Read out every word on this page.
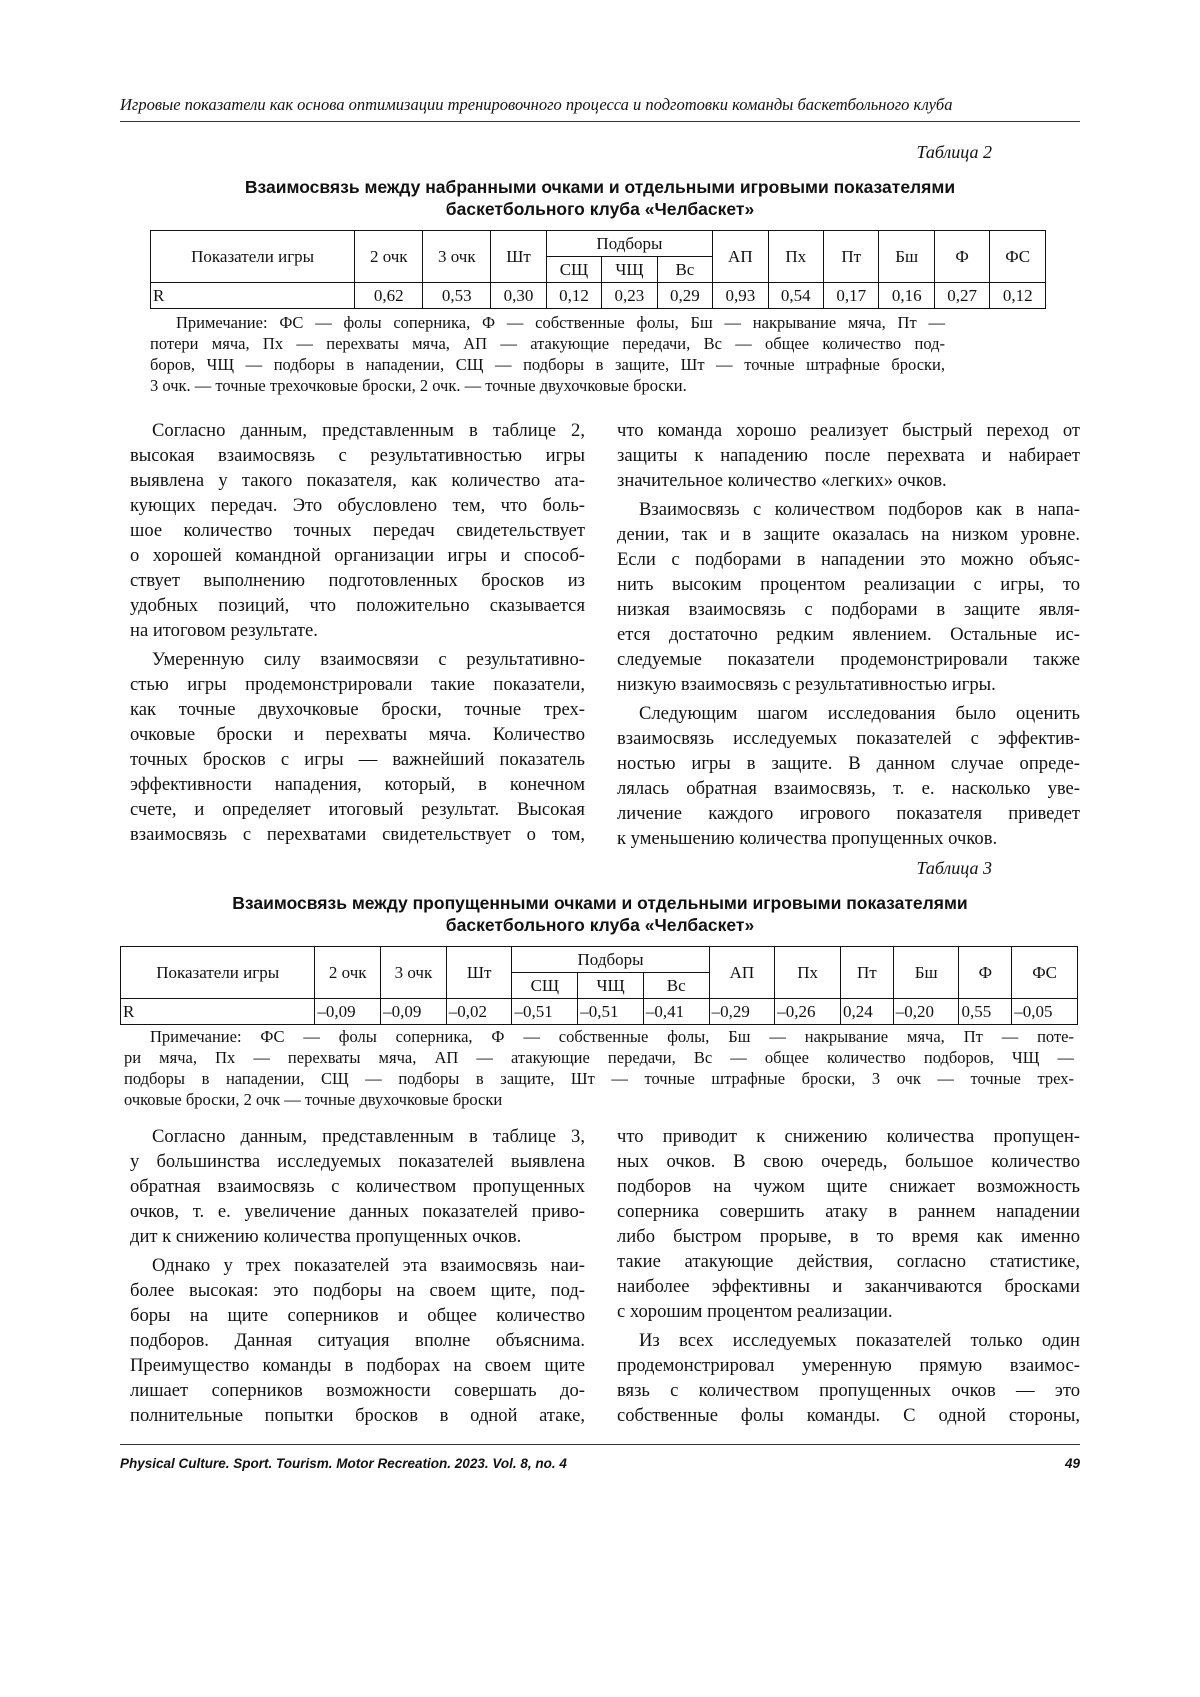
Игровые показатели как основа оптимизации тренировочного процесса и подготовки команды баскетбольного клуба
Таблица 2
Взаимосвязь между набранными очками и отдельными игровыми показателями
баскетбольного клуба «Челбаскет»
Показатели игры	2 очк	3 очк	Шт	Подборы	АП	Пх	Пт	Бш	Ф	ФС
СЩ	ЧЩ	Вс
R	0,62	0,53	0,30	0,12	0,23	0,29	0,93	0,54	0,17	0,16	0,27	0,12
Примечание: ФС — фолы соперника, Ф — собственные фолы, Бш — накрывание мяча, Пт —
потери мяча, Пх — перехваты мяча, АП — атакующие передачи, Вс — общее количество под-
боров, ЧЩ — подборы в нападении, СЩ — подборы в защите, Шт — точные штрафные броски,
3 очк. — точные трехочковые броски, 2 очк. — точные двухочковые броски.
Согласно данным, представленным в таблице 2,
высокая взаимосвязь с результативностью игры
выявлена у такого показателя, как количество ата-
кующих передач. Это обусловлено тем, что боль-
шое количество точных передач свидетельствует
о хорошей командной организации игры и способ-
ствует выполнению подготовленных бросков из
удобных позиций, что положительно сказывается
на итоговом результате.
Умеренную силу взаимосвязи с результативно-
стью игры продемонстрировали такие показатели,
как точные двухочковые броски, точные трех-
очковые броски и перехваты мяча. Количество
точных бросков с игры — важнейший показатель
эффективности нападения, который, в конечном
счете, и определяет итоговый результат. Высокая
взаимосвязь с перехватами свидетельствует о том,
что команда хорошо реализует быстрый переход от
защиты к нападению после перехвата и набирает
значительное количество «легких» очков.
Взаимосвязь с количеством подборов как в напа-
дении, так и в защите оказалась на низком уровне.
Если с подборами в нападении это можно объяс-
нить высоким процентом реализации с игры, то
низкая взаимосвязь с подборами в защите явля-
ется достаточно редким явлением. Остальные ис-
следуемые показатели продемонстрировали также
низкую взаимосвязь с результативностью игры.
Следующим шагом исследования было оценить
взаимосвязь исследуемых показателей с эффектив-
ностью игры в защите. В данном случае опреде-
лялась обратная взаимосвязь, т. е. насколько уве-
личение каждого игрового показателя приведет
к уменьшению количества пропущенных очков.
Таблица 3
Взаимосвязь между пропущенными очками и отдельными игровыми показателями
баскетбольного клуба «Челбаскет»
Показатели игры	2 очк	3 очк	Шт	Подборы	АП	Пх	Пт	Бш	Ф	ФС
СЩ	ЧЩ	Вс
R	–0,09	–0,09	–0,02	–0,51	–0,51	–0,41	–0,29	–0,26	0,24	–0,20	0,55	–0,05
Примечание: ФС — фолы соперника, Ф — собственные фолы, Бш — накрывание мяча, Пт — поте-
ри мяча, Пх — перехваты мяча, АП — атакующие передачи, Вс — общее количество подборов, ЧЩ —
подборы в нападении, СЩ — подборы в защите, Шт — точные штрафные броски, 3 очк — точные трех-
очковые броски, 2 очк — точные двухочковые броски
Согласно данным, представленным в таблице 3,
у большинства исследуемых показателей выявлена
обратная взаимосвязь с количеством пропущенных
очков, т. е. увеличение данных показателей приво-
дит к снижению количества пропущенных очков.
Однако у трех показателей эта взаимосвязь наи-
более высокая: это подборы на своем щите, под-
боры на щите соперников и общее количество
подборов. Данная ситуация вполне объяснима.
Преимущество команды в подборах на своем щите
лишает соперников возможности совершать до-
полнительные попытки бросков в одной атаке,
что приводит к снижению количества пропущен-
ных очков. В свою очередь, большое количество
подборов на чужом щите снижает возможность
соперника совершить атаку в раннем нападении
либо быстром прорыве, в то время как именно
такие атакующие действия, согласно статистике,
наиболее эффективны и заканчиваются бросками
с хорошим процентом реализации.
Из всех исследуемых показателей только один
продемонстрировал умеренную прямую взаимос-
вязь с количеством пропущенных очков — это
собственные фолы команды. С одной стороны,
Physical Culture. Sport. Tourism. Motor Recreation. 2023. Vol. 8, no. 4	49
